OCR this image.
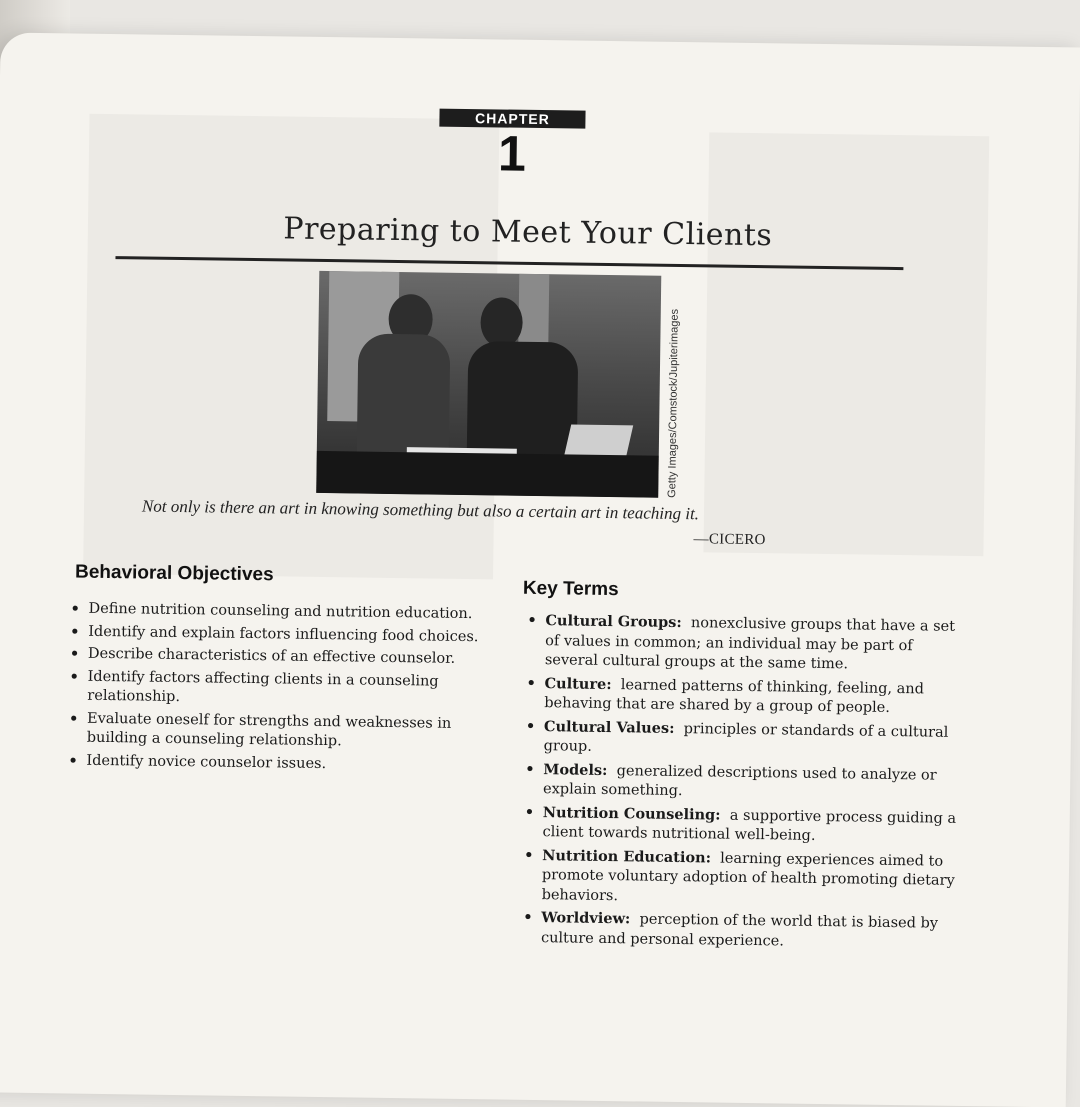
CHAPTER
1
Preparing to Meet Your Clients
Getty Images/Comstock/Jupiterimages
Not only is there an art in knowing something but also a certain art in teaching it.
—CICERO
Behavioral Objectives
• Define nutrition counseling and nutrition education.
• Identify and explain factors influencing food choices.
• Describe characteristics of an effective counselor.
• Identify factors affecting clients in a counseling relationship.
• Evaluate oneself for strengths and weaknesses in building a counseling relationship.
• Identify novice counselor issues.
Key Terms
• Cultural Groups: nonexclusive groups that have a set of values in common; an individual may be part of several cultural groups at the same time.
• Culture: learned patterns of thinking, feeling, and behaving that are shared by a group of people.
• Cultural Values: principles or standards of a cultural group.
• Models: generalized descriptions used to analyze or explain something.
• Nutrition Counseling: a supportive process guiding a client towards nutritional well-being.
• Nutrition Education: learning experiences aimed to promote voluntary adoption of health promoting dietary behaviors.
• Worldview: perception of the world that is biased by culture and personal experience.
